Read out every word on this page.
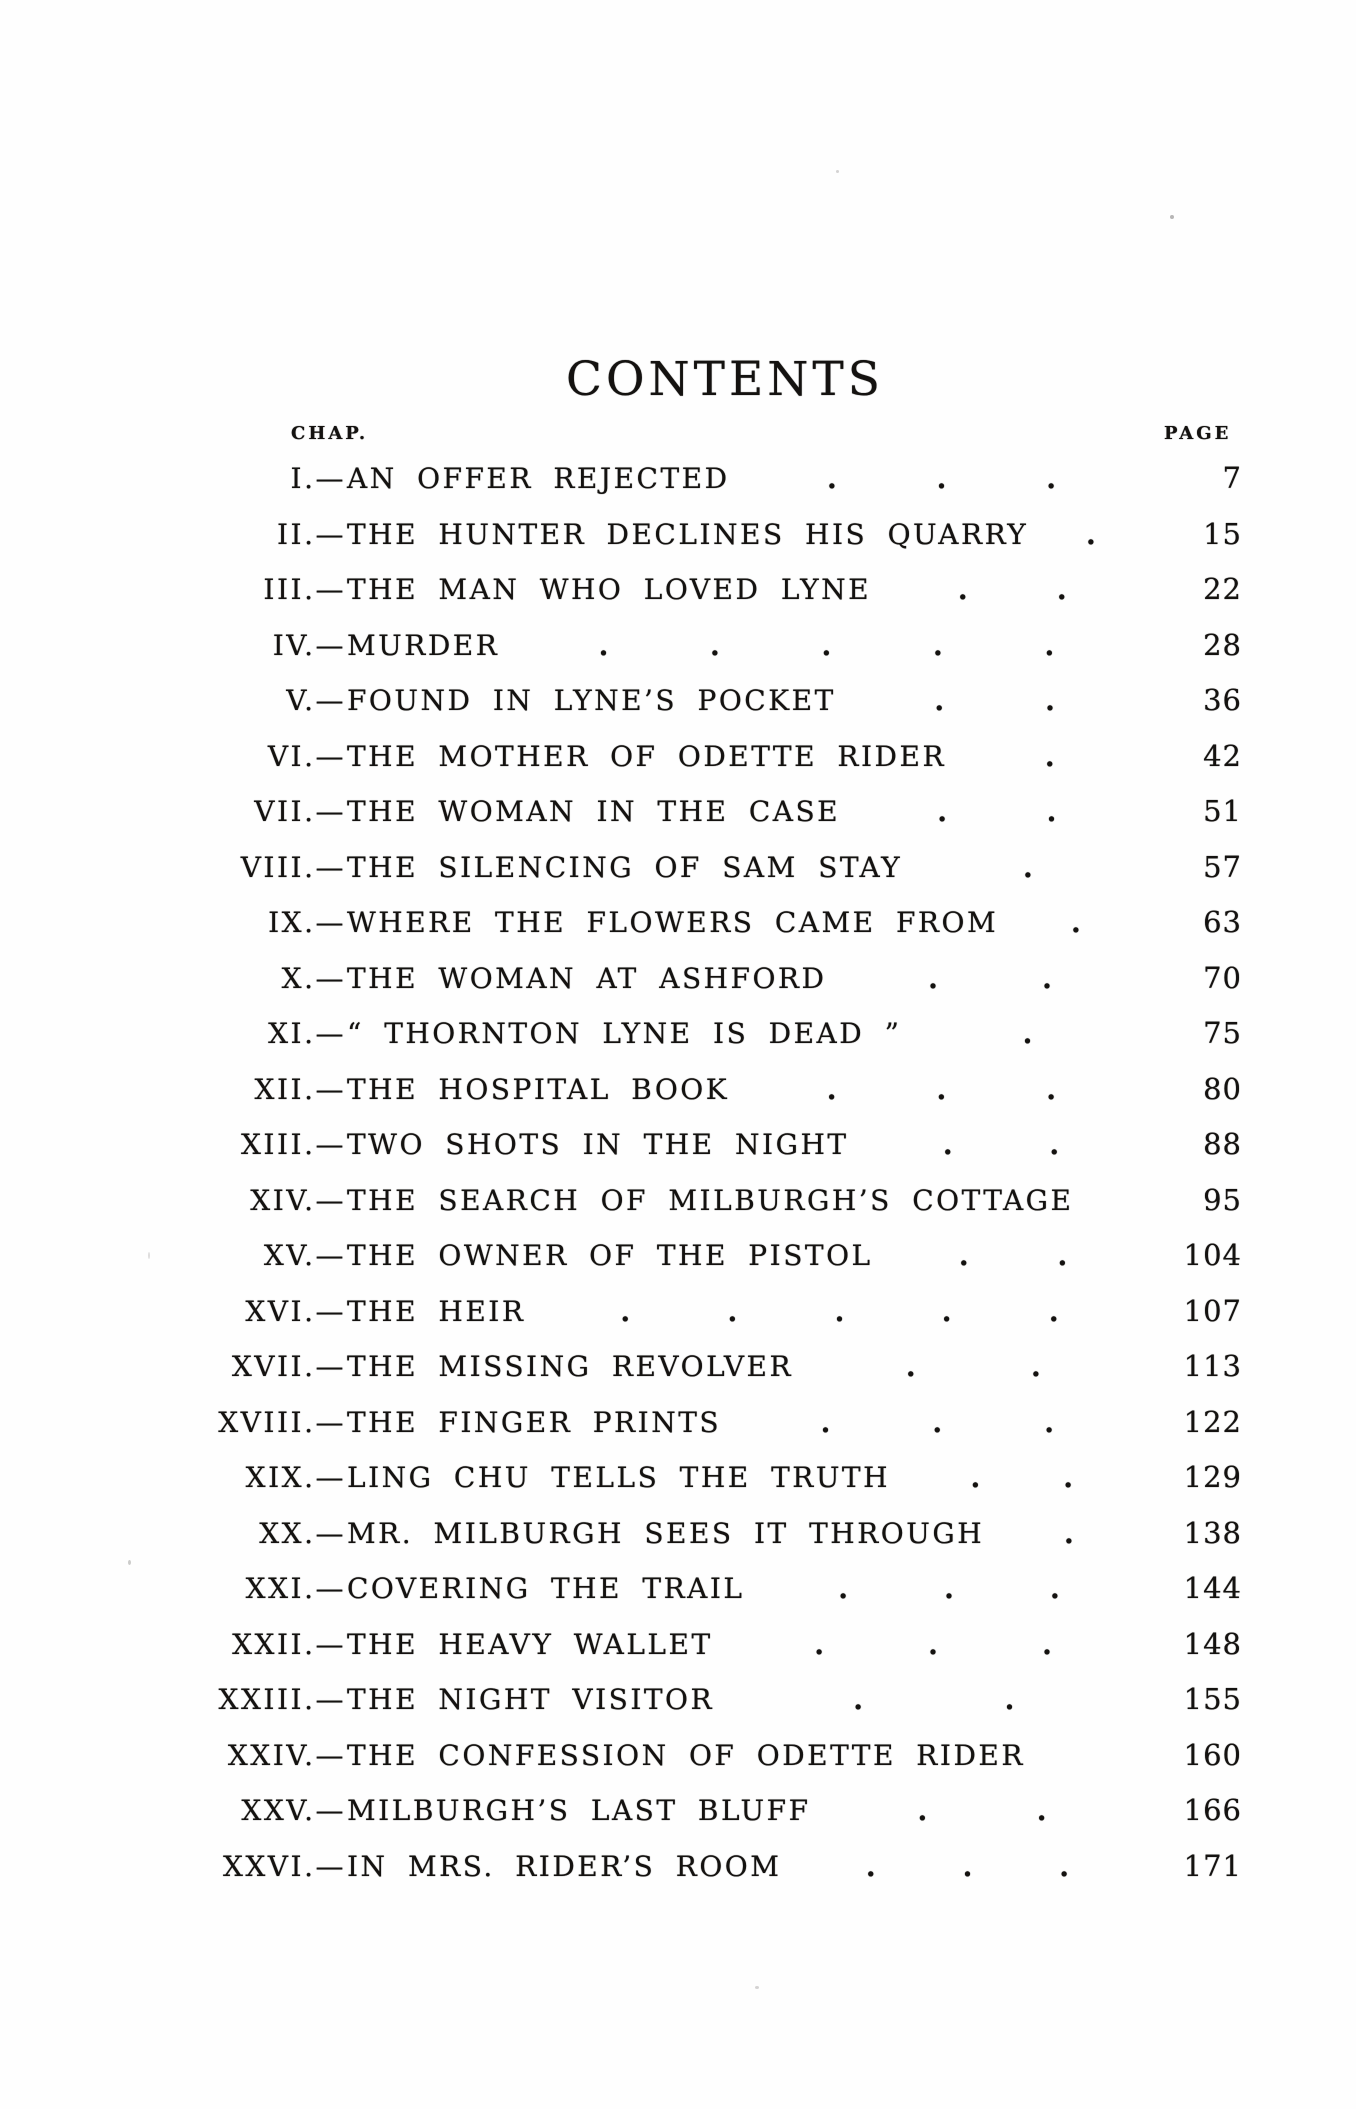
CONTENTS
CHAP.	PAGE
I.— AN OFFER REJECTED	.	.	.	7
II.— THE HUNTER DECLINES HIS QUARRY .	15
III.— THE MAN WHO LOVED LYNE	.	.	22
IV.— MURDER	.	.	.	.	.	28
V.— FOUND IN LYNE’S POCKET	.	.	36
VI.— THE MOTHER OF ODETTE RIDER	.	42
VII.— THE WOMAN IN THE CASE	.	.	51
VIII.— THE SILENCING OF SAM STAY	.	57
IX.— WHERE THE FLOWERS CAME FROM	.	63
X.— THE WOMAN AT ASHFORD	.	.	70
XI.— “ THORNTON LYNE IS DEAD ”	.	75
XII.— THE HOSPITAL BOOK	.	.	.	80
XIII.— TWO SHOTS IN THE NIGHT	.	.	88
XIV.— THE SEARCH OF MILBURGH’S COTTAGE	95
XV.— THE OWNER OF THE PISTOL	.	.	104
XVI.— THE HEIR	.	.	.	.	.	107
XVII.— THE MISSING REVOLVER	.	.	113
XVIII.— THE FINGER PRINTS	.	.	.	122
XIX.— LING CHU TELLS THE TRUTH	.	.	129
XX.— MR. MILBURGH SEES IT THROUGH	.	138
XXI.— COVERING THE TRAIL	.	.	.	144
XXII.— THE HEAVY WALLET	.	.	.	148
XXIII.— THE NIGHT VISITOR	.	.	155
XXIV.— THE CONFESSION OF ODETTE RIDER	160
XXV.— MILBURGH’S LAST BLUFF	.	.	166
XXVI.— IN MRS. RIDER’S ROOM	.	.	.	171
